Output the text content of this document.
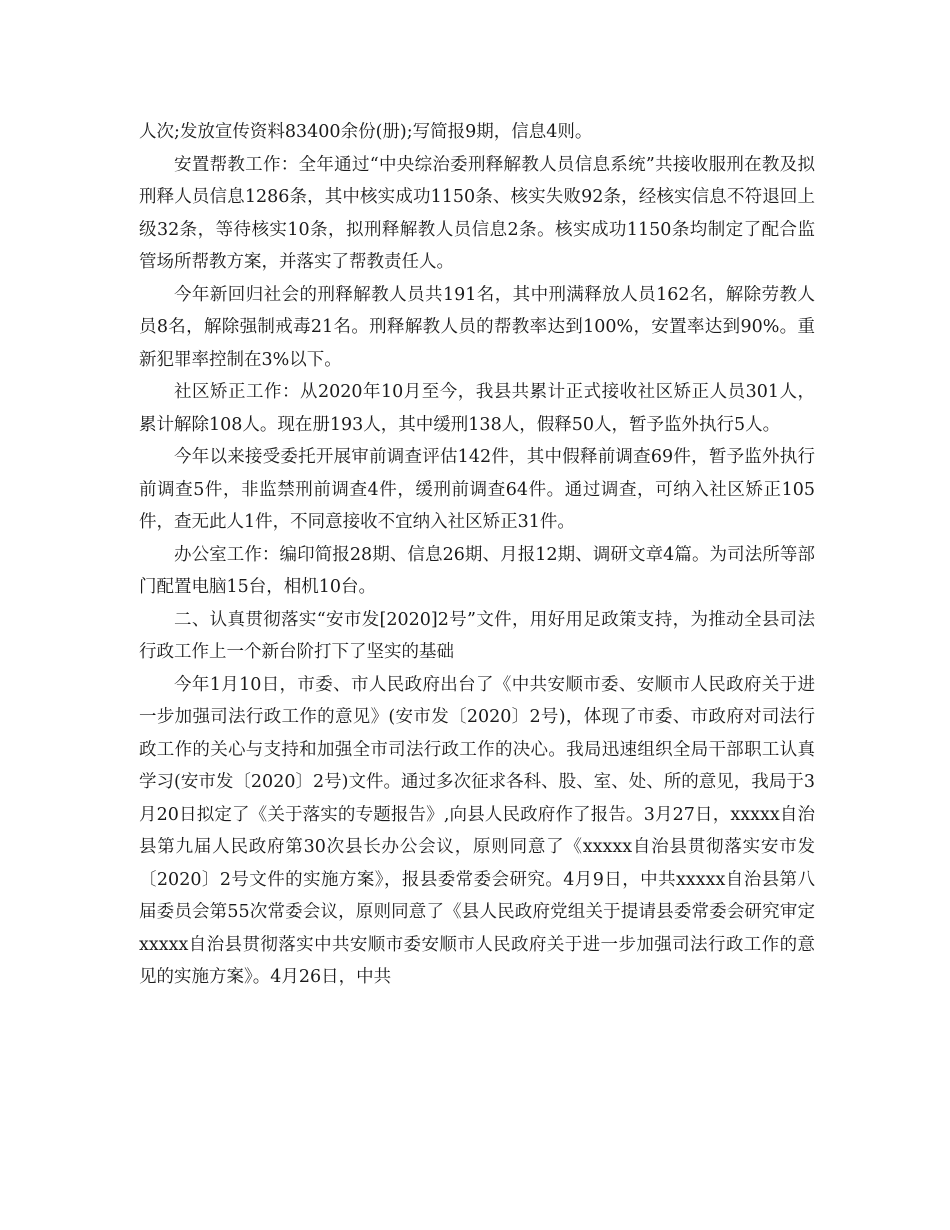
人次;发放宣传资料83400余份(册);写简报9期，信息4则。

安置帮教工作：全年通过“中央综治委刑释解教人员信息系统”共接收服刑在教及拟刑释人员信息1286条，其中核实成功1150条、核实失败92条，经核实信息不符退回上级32条，等待核实10条，拟刑释解教人员信息2条。核实成功1150条均制定了配合监管场所帮教方案，并落实了帮教责任人。

今年新回归社会的刑释解教人员共191名，其中刑满释放人员162名，解除劳教人员8名，解除强制戒毒21名。刑释解教人员的帮教率达到100%，安置率达到90%。重新犯罪率控制在3%以下。

社区矫正工作：从2020年10月至今，我县共累计正式接收社区矫正人员301人，累计解除108人。现在册193人，其中缓刑138人，假释50人，暂予监外执行5人。

今年以来接受委托开展审前调查评估142件，其中假释前调查69件，暂予监外执行前调查5件，非监禁刑前调查4件，缓刑前调查64件。通过调查，可纳入社区矫正105件，查无此人1件，不同意接收不宜纳入社区矫正31件。

办公室工作：编印简报28期、信息26期、月报12期、调研文章4篇。为司法所等部门配置电脑15台，相机10台。

二、认真贯彻落实“安市发[2020]2号”文件，用好用足政策支持，为推动全县司法行政工作上一个新台阶打下了坚实的基础

今年1月10日，市委、市人民政府出台了《中共安顺市委、安顺市人民政府关于进一步加强司法行政工作的意见》(安市发〔2020〕2号)，体现了市委、市政府对司法行政工作的关心与支持和加强全市司法行政工作的决心。我局迅速组织全局干部职工认真学习(安市发〔2020〕2号)文件。通过多次征求各科、股、室、处、所的意见，我局于3月20日拟定了《关于落实的专题报告》,向县人民政府作了报告。3月27日，xxxxx自治县第九届人民政府第30次县长办公会议，原则同意了《xxxxx自治县贯彻落实安市发〔2020〕2号文件的实施方案》，报县委常委会研究。4月9日，中共xxxxx自治县第八届委员会第55次常委会议，原则同意了《县人民政府党组关于提请县委常委会研究审定xxxxx自治县贯彻落实中共安顺市委安顺市人民政府关于进一步加强司法行政工作的意见的实施方案》。4月26日，中共
